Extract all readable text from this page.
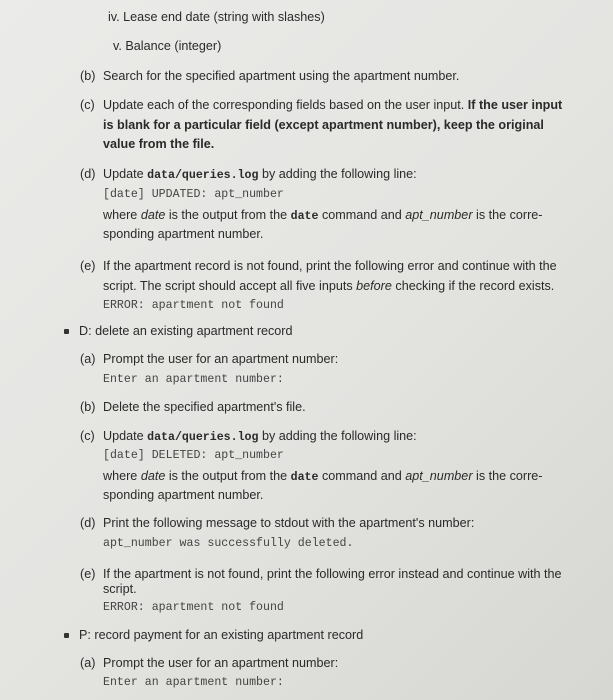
iv. Lease end date (string with slashes)
v. Balance (integer)
(b) Search for the specified apartment using the apartment number.
(c) Update each of the corresponding fields based on the user input. If the user input
is blank for a particular field (except apartment number), keep the original
value from the file.
(d) Update data/queries.log by adding the following line:
[date] UPDATED: apt_number
where date is the output from the date command and apt_number is the corre-
sponding apartment number.
(e) If the apartment record is not found, print the following error and continue with the
script. The script should accept all five inputs before checking if the record exists.
ERROR: apartment not found
D: delete an existing apartment record
(a) Prompt the user for an apartment number:
Enter an apartment number:
(b) Delete the specified apartment's file.
(c) Update data/queries.log by adding the following line:
[date] DELETED: apt_number
where date is the output from the date command and apt_number is the corre-
sponding apartment number.
(d) Print the following message to stdout with the apartment's number:
apt_number was successfully deleted.
(e) If the apartment is not found, print the following error instead and continue with the
script.
ERROR: apartment not found
P: record payment for an existing apartment record
(a) Prompt the user for an apartment number:
Enter an apartment number:
